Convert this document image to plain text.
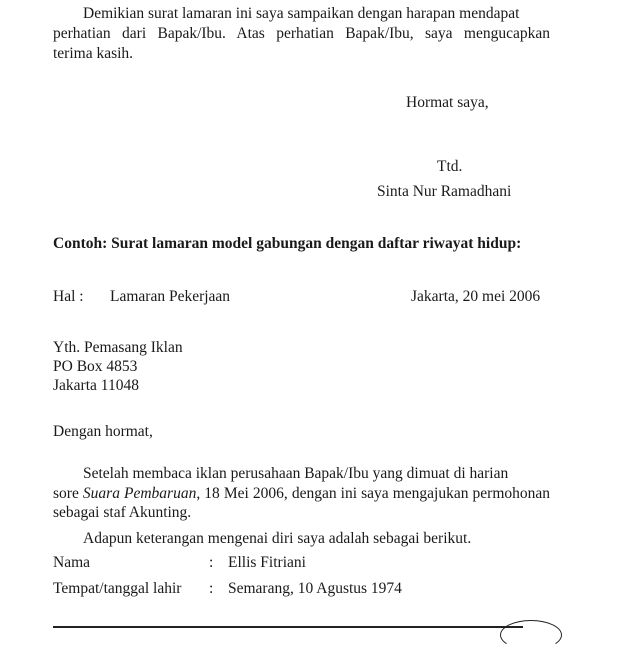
Demikian surat lamaran ini saya sampaikan dengan harapan mendapat
perhatian dari Bapak/Ibu. Atas perhatian Bapak/Ibu, saya mengucapkan
terima kasih.
Hormat saya,
Ttd.
Sinta Nur Ramadhani
Contoh: Surat lamaran model gabungan dengan daftar riwayat hidup:
Hal : Lamaran Pekerjaan	Jakarta, 20 mei 2006
Yth. Pemasang Iklan
PO Box 4853
Jakarta 11048
Dengan hormat,
Setelah membaca iklan perusahaan Bapak/Ibu yang dimuat di harian
sore Suara Pembaruan, 18 Mei 2006, dengan ini saya mengajukan permohonan
sebagai staf Akunting.
Adapun keterangan mengenai diri saya adalah sebagai berikut.
Nama	: Ellis Fitriani
Tempat/tanggal lahir : Semarang, 10 Agustus 1974
